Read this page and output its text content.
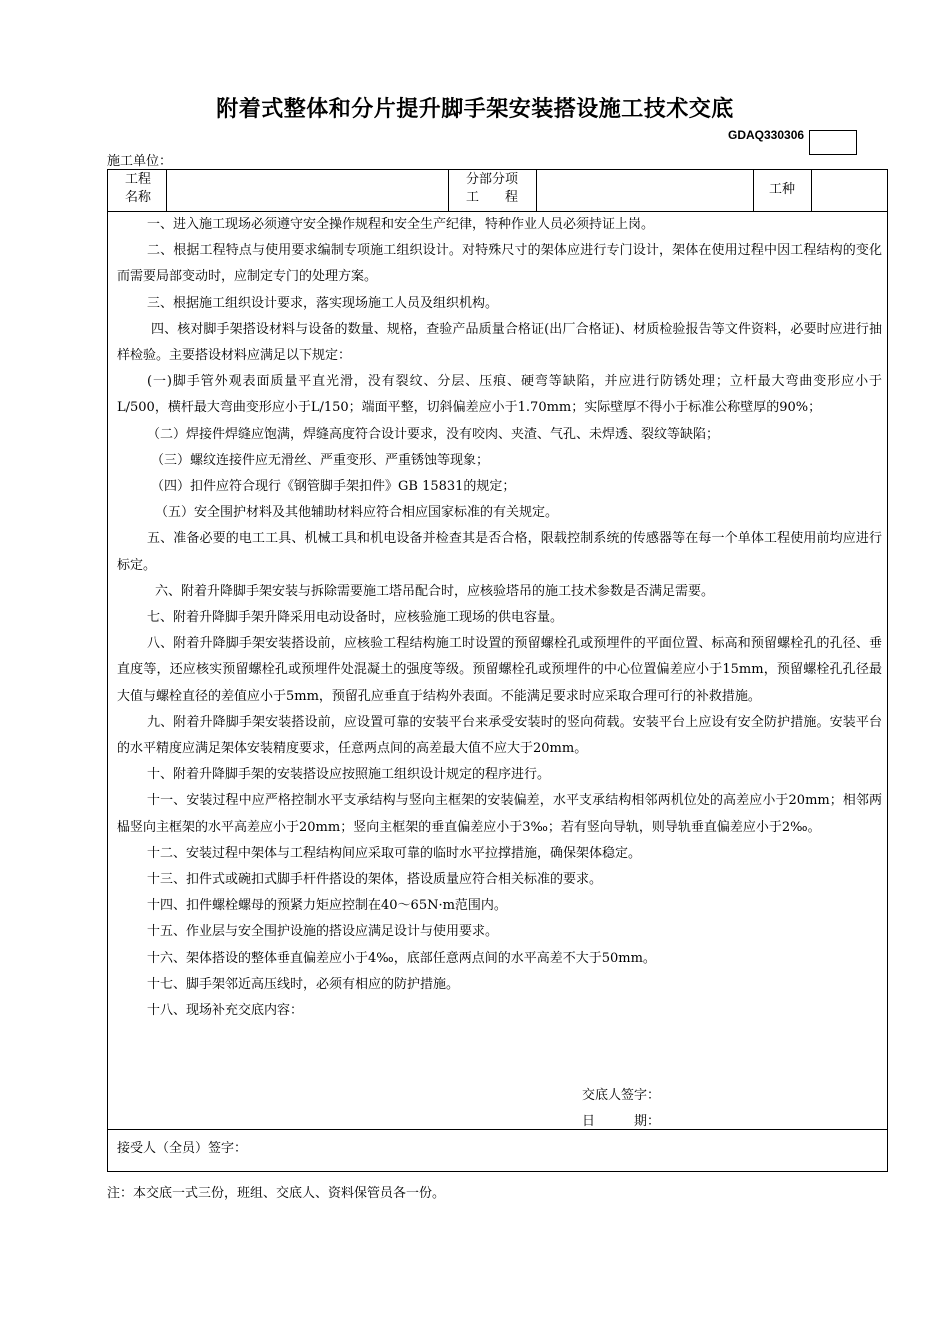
附着式整体和分片提升脚手架安装搭设施工技术交底
GDAQ330306
施工单位：
工程
名称
分部分项
工　　程
工种

一、进入施工现场必须遵守安全操作规程和安全生产纪律，特种作业人员必须持证上岗。

二、根据工程特点与使用要求编制专项施工组织设计。对特殊尺寸的架体应进行专门设计，架体在使用过程中因工程结构的变化而需要局部变动时，应制定专门的处理方案。

三、根据施工组织设计要求，落实现场施工人员及组织机构。

四、核对脚手架搭设材料与设备的数量、规格，查验产品质量合格证(出厂合格证)、材质检验报告等文件资料，必要时应进行抽样检验。主要搭设材料应满足以下规定：

(一)脚手管外观表面质量平直光滑，没有裂纹、分层、压痕、硬弯等缺陷，并应进行防锈处理；立杆最大弯曲变形应小于L/500，横杆最大弯曲变形应小于L/150；端面平整，切斜偏差应小于1.70mm；实际壁厚不得小于标准公称壁厚的90%；

（二）焊接件焊缝应饱满，焊缝高度符合设计要求，没有咬肉、夹渣、气孔、未焊透、裂纹等缺陷；

（三）螺纹连接件应无滑丝、严重变形、严重锈蚀等现象；

（四）扣件应符合现行《钢管脚手架扣件》GB 15831的规定；

（五）安全围护材料及其他辅助材料应符合相应国家标准的有关规定。

五、准备必要的电工工具、机械工具和机电设备并检查其是否合格，限载控制系统的传感器等在每一个单体工程使用前均应进行标定。

六、附着升降脚手架安装与拆除需要施工塔吊配合时，应核验塔吊的施工技术参数是否满足需要。

七、附着升降脚手架升降采用电动设备时，应核验施工现场的供电容量。

八、附着升降脚手架安装搭设前，应核验工程结构施工时设置的预留螺栓孔或预埋件的平面位置、标高和预留螺栓孔的孔径、垂直度等，还应核实预留螺栓孔或预埋件处混凝土的强度等级。预留螺栓孔或预埋件的中心位置偏差应小于15mm，预留螺栓孔孔径最大值与螺栓直径的差值应小于5mm，预留孔应垂直于结构外表面。不能满足要求时应采取合理可行的补救措施。

九、附着升降脚手架安装搭设前，应设置可靠的安装平台来承受安装时的竖向荷载。安装平台上应设有安全防护措施。安装平台的水平精度应满足架体安装精度要求，任意两点间的高差最大值不应大于20mm。

十、附着升降脚手架的安装搭设应按照施工组织设计规定的程序进行。

十一、安装过程中应严格控制水平支承结构与竖向主框架的安装偏差，水平支承结构相邻两机位处的高差应小于20mm；相邻两榀竖向主框架的水平高差应小于20mm；竖向主框架的垂直偏差应小于3‰；若有竖向导轨，则导轨垂直偏差应小于2‰。

十二、安装过程中架体与工程结构间应采取可靠的临时水平拉撑措施，确保架体稳定。

十三、扣件式或碗扣式脚手杆件搭设的架体，搭设质量应符合相关标准的要求。

十四、扣件螺栓螺母的预紧力矩应控制在40～65N·m范围内。

十五、作业层与安全围护设施的搭设应满足设计与使用要求。

十六、架体搭设的整体垂直偏差应小于4‰，底部任意两点间的水平高差不大于50mm。

十七、脚手架邻近高压线时，必须有相应的防护措施。

十八、现场补充交底内容：

交底人签字：
日　　　期：
接受人（全员）签字：
注：本交底一式三份，班组、交底人、资料保管员各一份。
